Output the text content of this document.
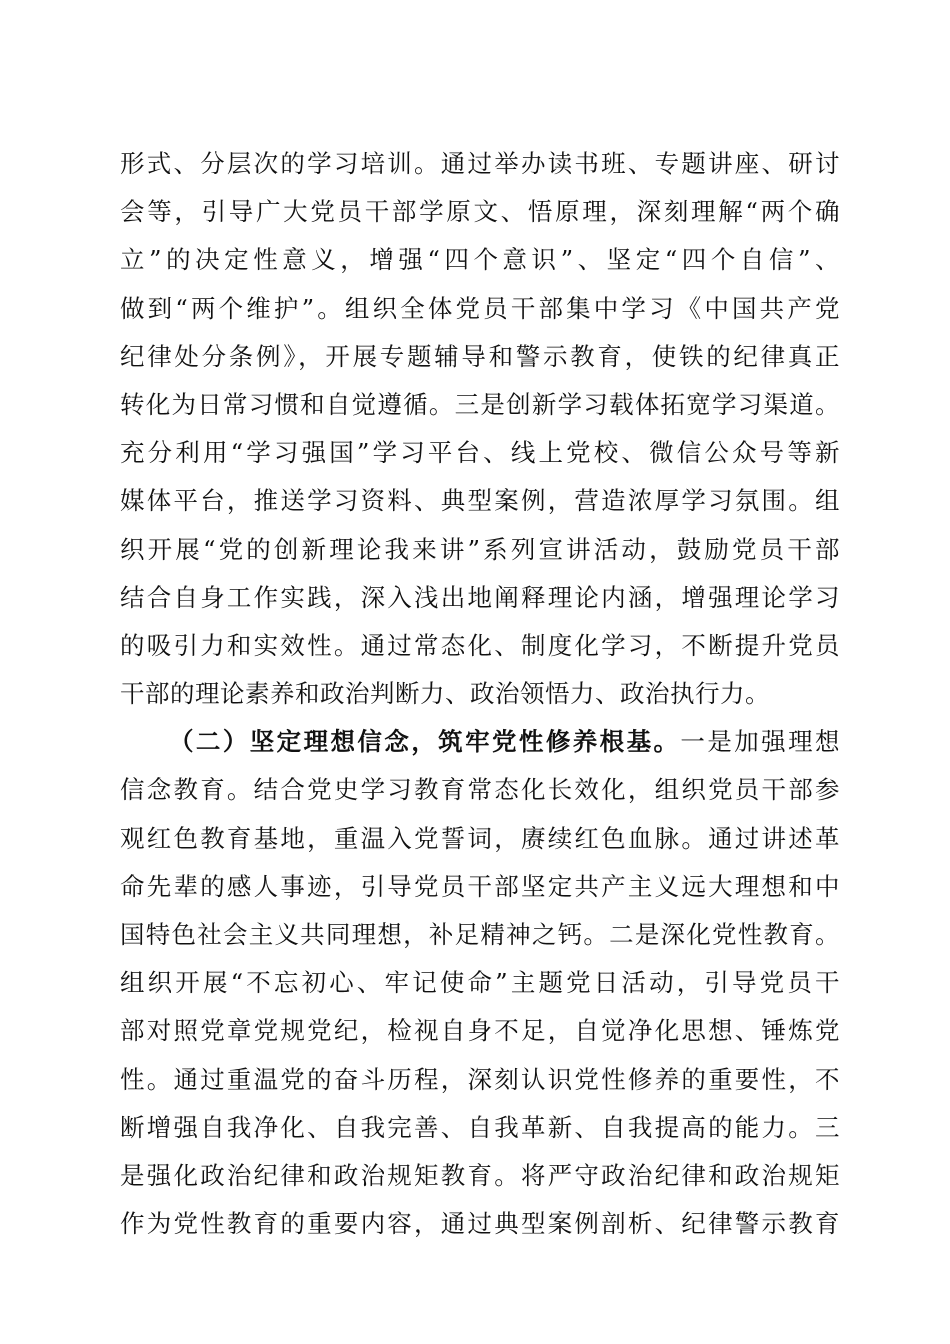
形式、分层次的学习培训。通过举办读书班、专题讲座、研讨
会等，引导广大党员干部学原文、悟原理，深刻理解“两个确
立”的决定性意义，增强“四个意识”、坚定“四个自信”、
做到“两个维护”。组织全体党员干部集中学习《中国共产党
纪律处分条例》，开展专题辅导和警示教育，使铁的纪律真正
转化为日常习惯和自觉遵循。三是创新学习载体拓宽学习渠道。
充分利用“学习强国”学习平台、线上党校、微信公众号等新
媒体平台，推送学习资料、典型案例，营造浓厚学习氛围。组
织开展“党的创新理论我来讲”系列宣讲活动，鼓励党员干部
结合自身工作实践，深入浅出地阐释理论内涵，增强理论学习
的吸引力和实效性。通过常态化、制度化学习，不断提升党员
干部的理论素养和政治判断力、政治领悟力、政治执行力。
（二）坚定理想信念，筑牢党性修养根基。一是加强理想
信念教育。结合党史学习教育常态化长效化，组织党员干部参
观红色教育基地，重温入党誓词，赓续红色血脉。通过讲述革
命先辈的感人事迹，引导党员干部坚定共产主义远大理想和中
国特色社会主义共同理想，补足精神之钙。二是深化党性教育。
组织开展“不忘初心、牢记使命”主题党日活动，引导党员干
部对照党章党规党纪，检视自身不足，自觉净化思想、锤炼党
性。通过重温党的奋斗历程，深刻认识党性修养的重要性，不
断增强自我净化、自我完善、自我革新、自我提高的能力。三
是强化政治纪律和政治规矩教育。将严守政治纪律和政治规矩
作为党性教育的重要内容，通过典型案例剖析、纪律警示教育
